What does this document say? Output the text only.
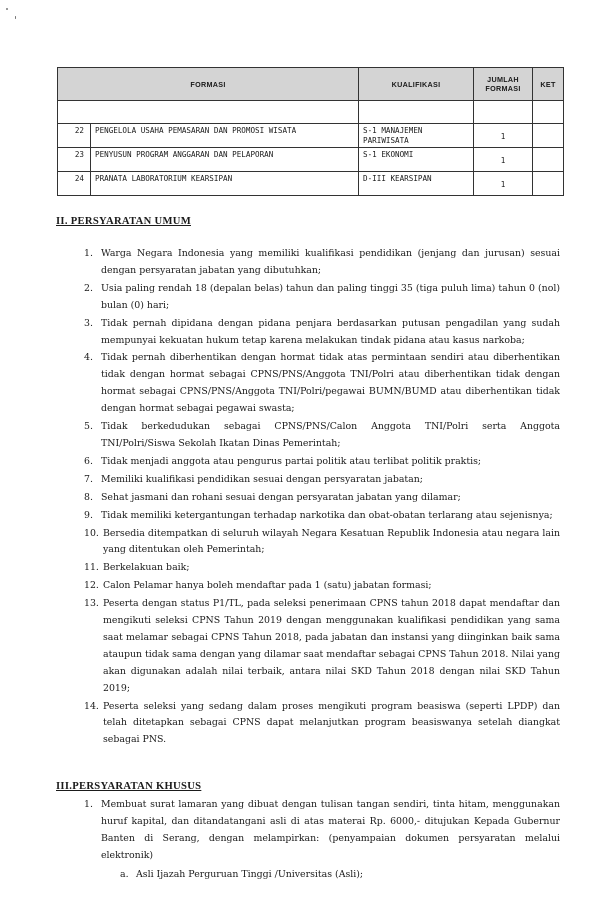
FORMASI		KUALIFIKASI	JUMLAH FORMASI	KET

22	PENGELOLA USAHA PEMASARAN DAN PROMOSI WISATA	S-1 MANAJEMEN PARIWISATA	1	
23	PENYUSUN PROGRAM ANGGARAN DAN PELAPORAN	S-1 EKONOMI	1	
24	PRANATA LABORATORIUM KEARSIPAN	D-III KEARSIPAN	1	
II. PERSYARATAN UMUM
1. Warga Negara Indonesia yang memiliki kualifikasi pendidikan (jenjang dan jurusan) sesuai dengan persyaratan jabatan yang dibutuhkan;
2. Usia paling rendah 18 (depalan belas) tahun dan paling tinggi 35 (tiga puluh lima) tahun 0 (nol) bulan (0) hari;
3. Tidak pernah dipidana dengan pidana penjara berdasarkan putusan pengadilan yang sudah mempunyai kekuatan hukum tetap karena melakukan tindak pidana atau kasus narkoba;
4. Tidak pernah diberhentikan dengan hormat tidak atas permintaan sendiri atau diberhentikan tidak dengan hormat sebagai CPNS/PNS/Anggota TNI/Polri atau diberhentikan tidak dengan hormat sebagai CPNS/PNS/Anggota TNI/Polri/pegawai BUMN/BUMD atau diberhentikan tidak dengan hormat sebagai pegawai swasta;
5. Tidak berkedudukan sebagai CPNS/PNS/Calon Anggota TNI/Polri serta Anggota TNI/Polri/Siswa Sekolah Ikatan Dinas Pemerintah;
6. Tidak menjadi anggota atau pengurus partai politik atau terlibat politik praktis;
7. Memiliki kualifikasi pendidikan sesuai dengan persyaratan jabatan;
8. Sehat jasmani dan rohani sesuai dengan persyaratan jabatan yang dilamar;
9. Tidak memiliki ketergantungan terhadap narkotika dan obat-obatan terlarang atau sejenisnya;
10. Bersedia ditempatkan di seluruh wilayah Negara Kesatuan Republik Indonesia atau negara lain yang ditentukan oleh Pemerintah;
11. Berkelakuan baik;
12. Calon Pelamar hanya boleh mendaftar pada 1 (satu) jabatan formasi;
13. Peserta dengan status P1/TL, pada seleksi penerimaan CPNS tahun 2018 dapat mendaftar dan mengikuti seleksi CPNS Tahun 2019 dengan menggunakan kualifikasi pendidikan yang sama saat melamar sebagai CPNS Tahun 2018, pada jabatan dan instansi yang diinginkan baik sama ataupun tidak sama dengan yang dilamar saat mendaftar sebagai CPNS Tahun 2018. Nilai yang akan digunakan adalah nilai terbaik, antara nilai SKD Tahun 2018 dengan nilai SKD Tahun 2019;
14. Peserta seleksi yang sedang dalam proses mengikuti program beasiswa (seperti LPDP) dan telah ditetapkan sebagai CPNS dapat melanjutkan program beasiswanya setelah diangkat sebagai PNS.
III.PERSYARATAN KHUSUS
1. Membuat surat lamaran yang dibuat dengan tulisan tangan sendiri, tinta hitam, menggunakan huruf kapital, dan ditandatangani asli di atas materai Rp. 6000,- ditujukan Kepada Gubernur Banten di Serang, dengan melampirkan: (penyampaian dokumen persyaratan melalui elektronik)
a. Asli Ijazah Perguruan Tinggi /Universitas (Asli);
